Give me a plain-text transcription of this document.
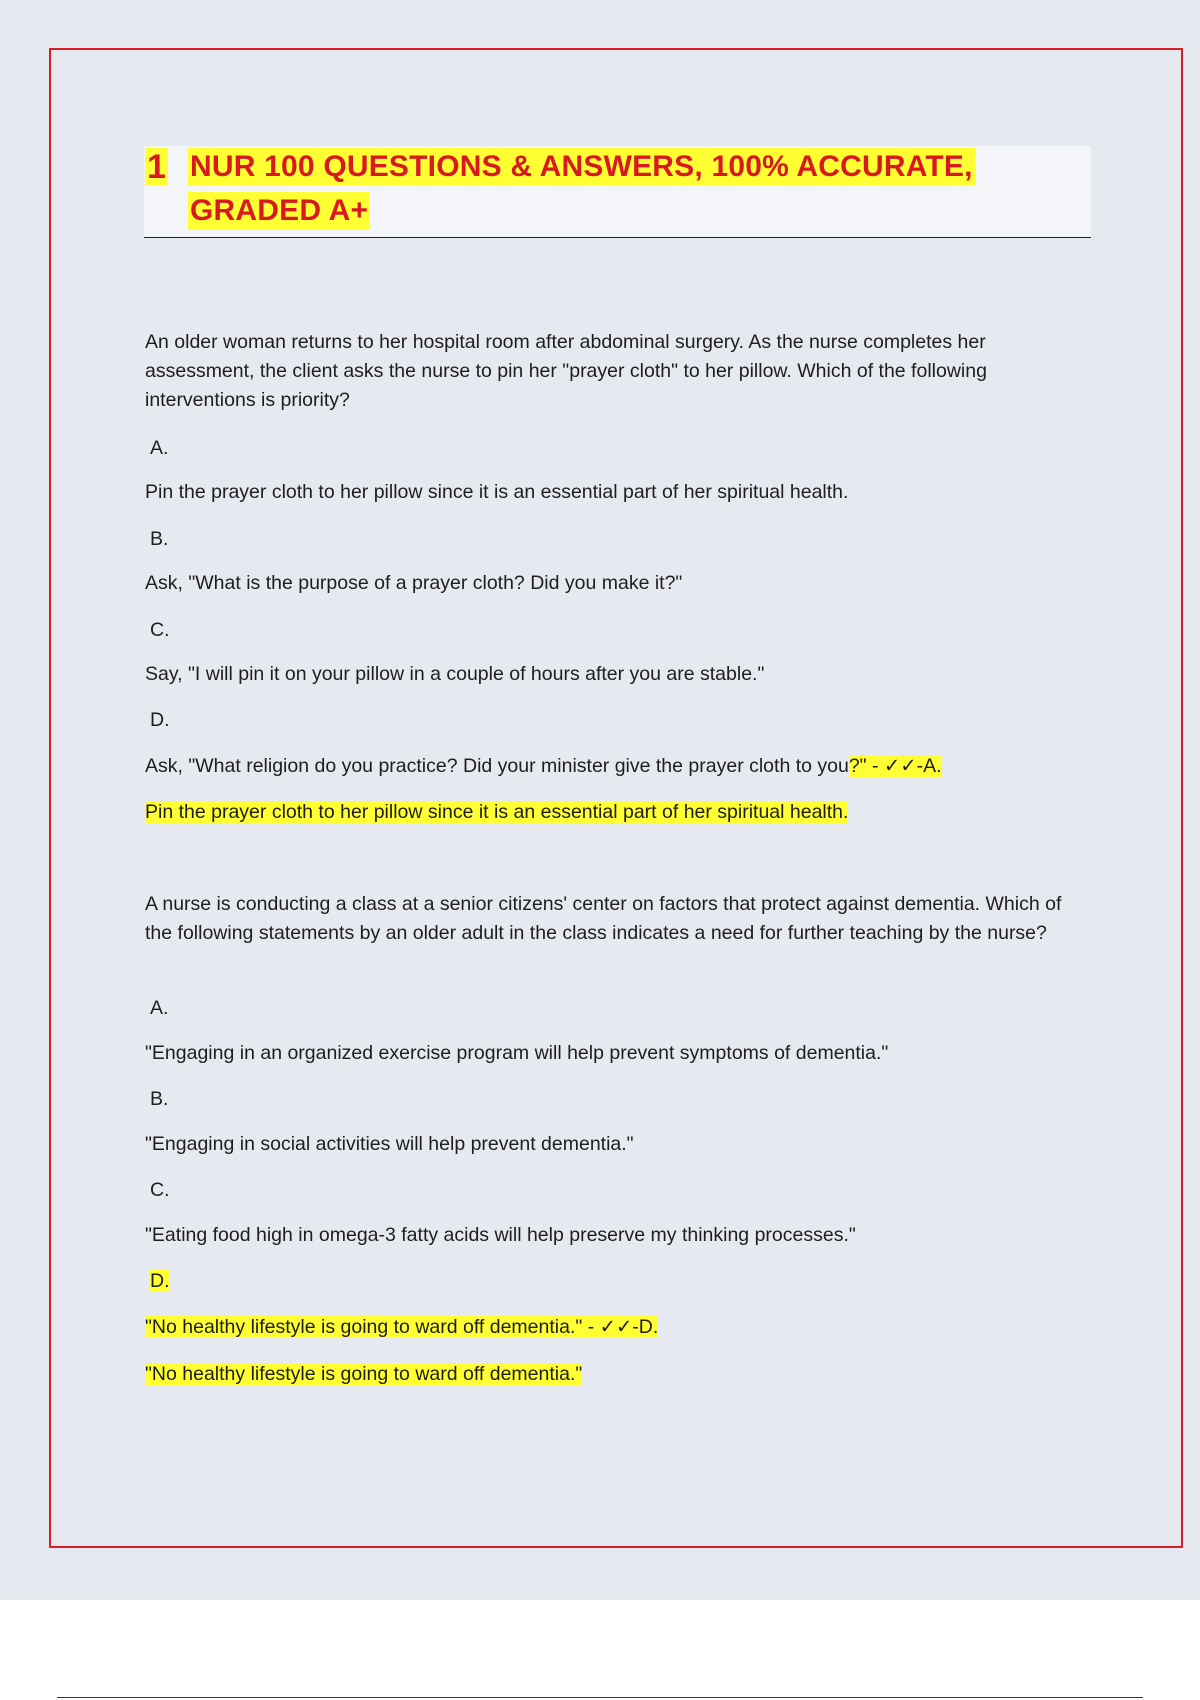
1 NUR 100 QUESTIONS & ANSWERS, 100% ACCURATE,
GRADED A+
An older woman returns to her hospital room after abdominal surgery. As the nurse completes her assessment, the client asks the nurse to pin her "prayer cloth" to her pillow. Which of the following interventions is priority?
A.
Pin the prayer cloth to her pillow since it is an essential part of her spiritual health.
B.
Ask, "What is the purpose of a prayer cloth? Did you make it?"
C.
Say, "I will pin it on your pillow in a couple of hours after you are stable."
D.
Ask, "What religion do you practice? Did your minister give the prayer cloth to you?" - ✓✓-A.
Pin the prayer cloth to her pillow since it is an essential part of her spiritual health.
A nurse is conducting a class at a senior citizens' center on factors that protect against dementia. Which of the following statements by an older adult in the class indicates a need for further teaching by the nurse?
A.
"Engaging in an organized exercise program will help prevent symptoms of dementia."
B.
"Engaging in social activities will help prevent dementia."
C.
"Eating food high in omega-3 fatty acids will help preserve my thinking processes."
D.
"No healthy lifestyle is going to ward off dementia." - ✓✓-D.
"No healthy lifestyle is going to ward off dementia."
